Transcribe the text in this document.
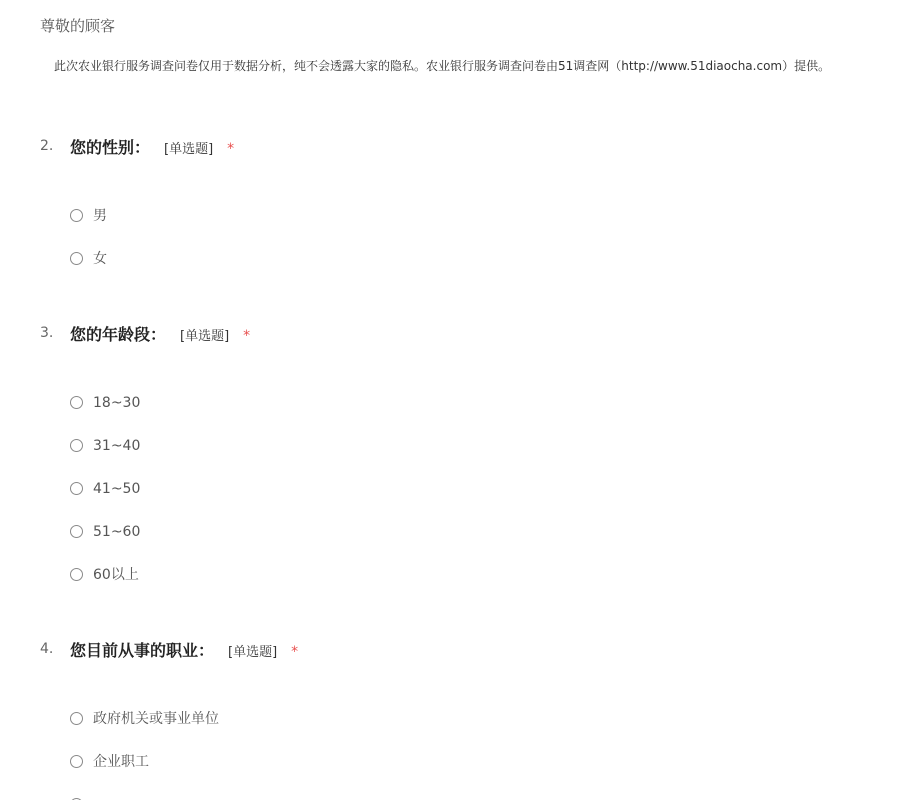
尊敬的顾客
此次农业银行服务调查问卷仅用于数据分析，纯不会透露大家的隐私。农业银行服务调查问卷由51调查网（http://www.51diaocha.com）提供。
2. 您的性别： [单选题] *
男
女
3. 您的年龄段： [单选题] *
18~30
31~40
41~50
51~60
60以上
4. 您目前从事的职业： [单选题] *
政府机关或事业单位
企业职工
